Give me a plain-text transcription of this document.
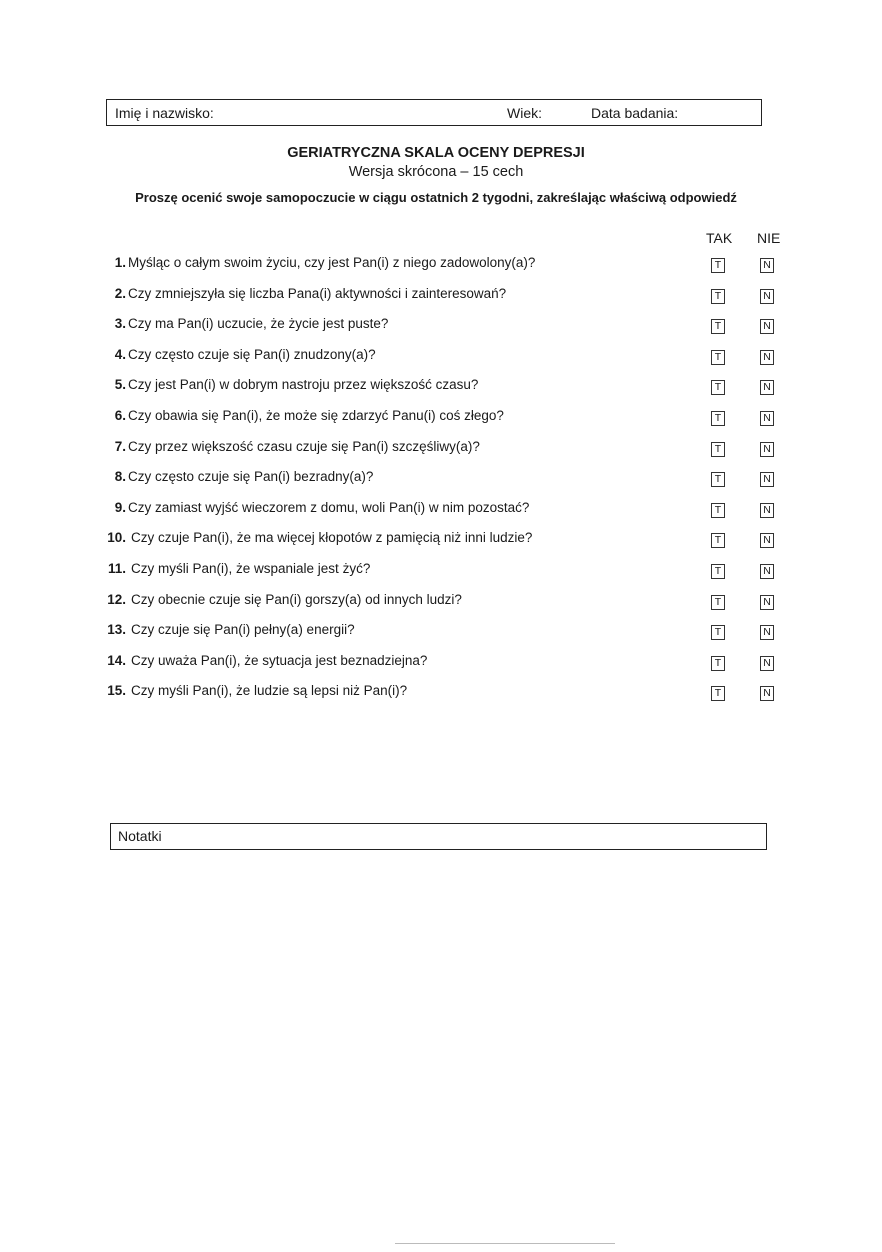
Imię i nazwisko:	Wiek:	Data badania:
GERIATRYCZNA SKALA OCENY DEPRESJI
Wersja skrócona – 15 cech
Proszę ocenić swoje samopoczucie w ciągu ostatnich 2 tygodni, zakreślając właściwą odpowiedź
TAK NIE
1. Myśląc o całym swoim życiu, czy jest Pan(i) z niego zadowolony(a)?	T	N
2. Czy zmniejszyła się liczba Pana(i) aktywności i zainteresowań?	T	N
3. Czy ma Pan(i) uczucie, że życie jest puste?	T	N
4. Czy często czuje się Pan(i) znudzony(a)?	T	N
5. Czy jest Pan(i) w dobrym nastroju przez większość czasu?	T	N
6. Czy obawia się Pan(i), że może się zdarzyć Panu(i) coś złego?	T	N
7. Czy przez większość czasu czuje się Pan(i) szczęśliwy(a)?	T	N
8. Czy często czuje się Pan(i) bezradny(a)?	T	N
9. Czy zamiast wyjść wieczorem z domu, woli Pan(i) w nim pozostać?	T	N
10. Czy czuje Pan(i), że ma więcej kłopotów z pamięcią niż inni ludzie?	T	N
11. Czy myśli Pan(i), że wspaniale jest żyć?	T	N
12. Czy obecnie czuje się Pan(i) gorszy(a) od innych ludzi?	T	N
13. Czy czuje się Pan(i) pełny(a) energii?	T	N
14. Czy uważa Pan(i), że sytuacja jest beznadziejna?	T	N
15. Czy myśli Pan(i), że ludzie są lepsi niż Pan(i)?	T	N
Notatki
